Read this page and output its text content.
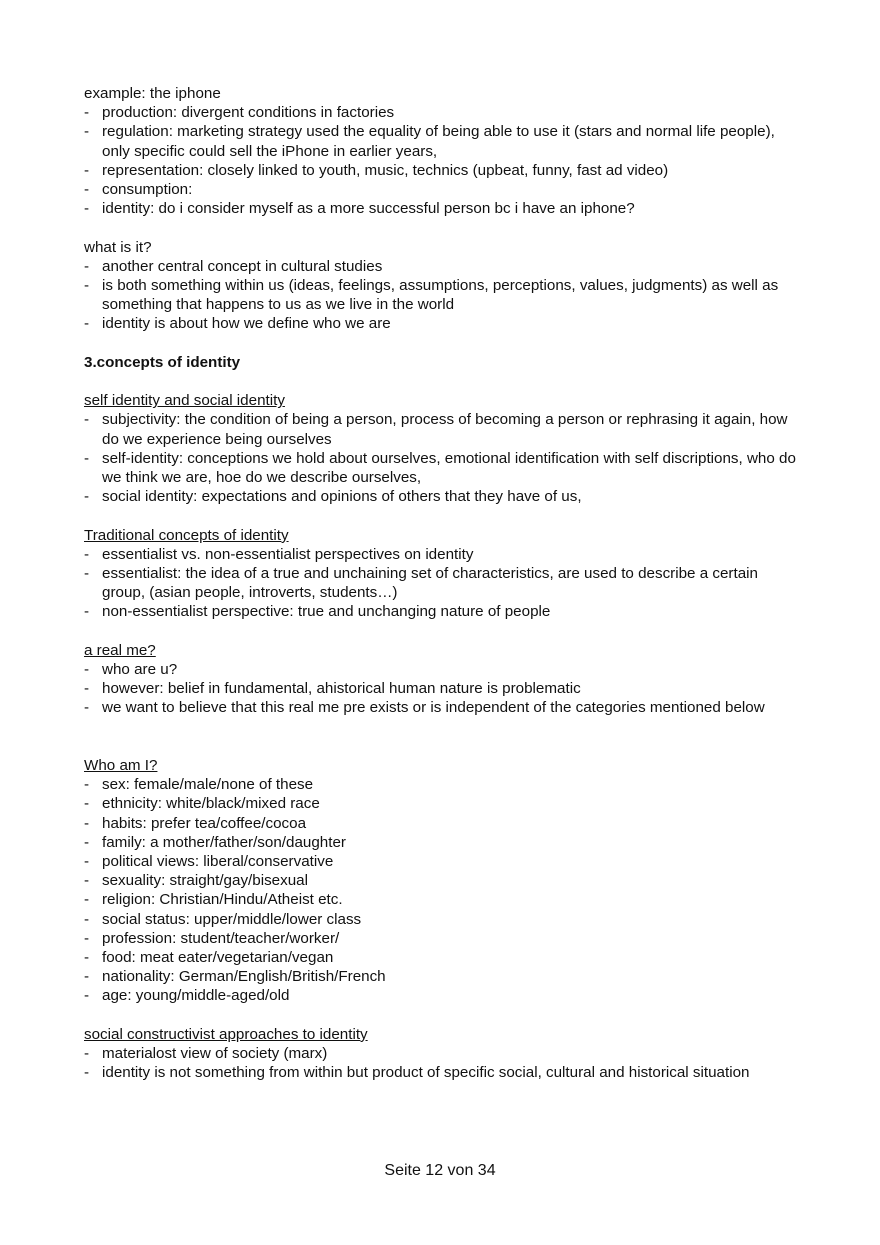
example: the iphone

- production: divergent conditions in factories
- regulation: marketing strategy used the equality of being able to use it (stars and normal life people), only specific could sell the iPhone in earlier years,
- representation: closely linked to youth, music, technics (upbeat, funny, fast ad video)
- consumption:
- identity: do i consider myself as a more successful person bc i have an iphone?

what is it?

- another central concept in cultural studies
- is both something within us (ideas, feelings, assumptions, perceptions, values, judgments) as well as something that happens to us as we live in the world
- identity is about how we define who we are

3.concepts of identity

self identity and social identity

- subjectivity: the condition of being a person, process of becoming a person or rephrasing it again, how do we experience being ourselves
- self-identity: conceptions we hold about ourselves, emotional identification with self discriptions, who do we think we are, hoe do we describe ourselves,
- social identity: expectations and opinions of others that they have of us,

Traditional concepts of identity

- essentialist vs. non-essentialist perspectives on identity
- essentialist: the idea of a true and unchaining set of characteristics, are used to describe a certain group, (asian people, introverts, students…)
- non-essentialist perspective: true and unchanging nature of people

a real me?

- who are u?
- however: belief in fundamental, ahistorical human nature is problematic
- we want to believe that this real me pre exists or is independent of the categories mentioned below

Who am I?

- sex: female/male/none of these
- ethnicity: white/black/mixed race
- habits: prefer tea/coffee/cocoa
- family: a mother/father/son/daughter
- political views: liberal/conservative
- sexuality: straight/gay/bisexual
- religion: Christian/Hindu/Atheist etc.
- social status: upper/middle/lower class
- profession: student/teacher/worker/
- food: meat eater/vegetarian/vegan
- nationality: German/English/British/French
- age: young/middle-aged/old

social constructivist approaches to identity

- materialost view of society (marx)
- identity is not something from within but product of specific social, cultural and historical situation
Seite 12 von 34
